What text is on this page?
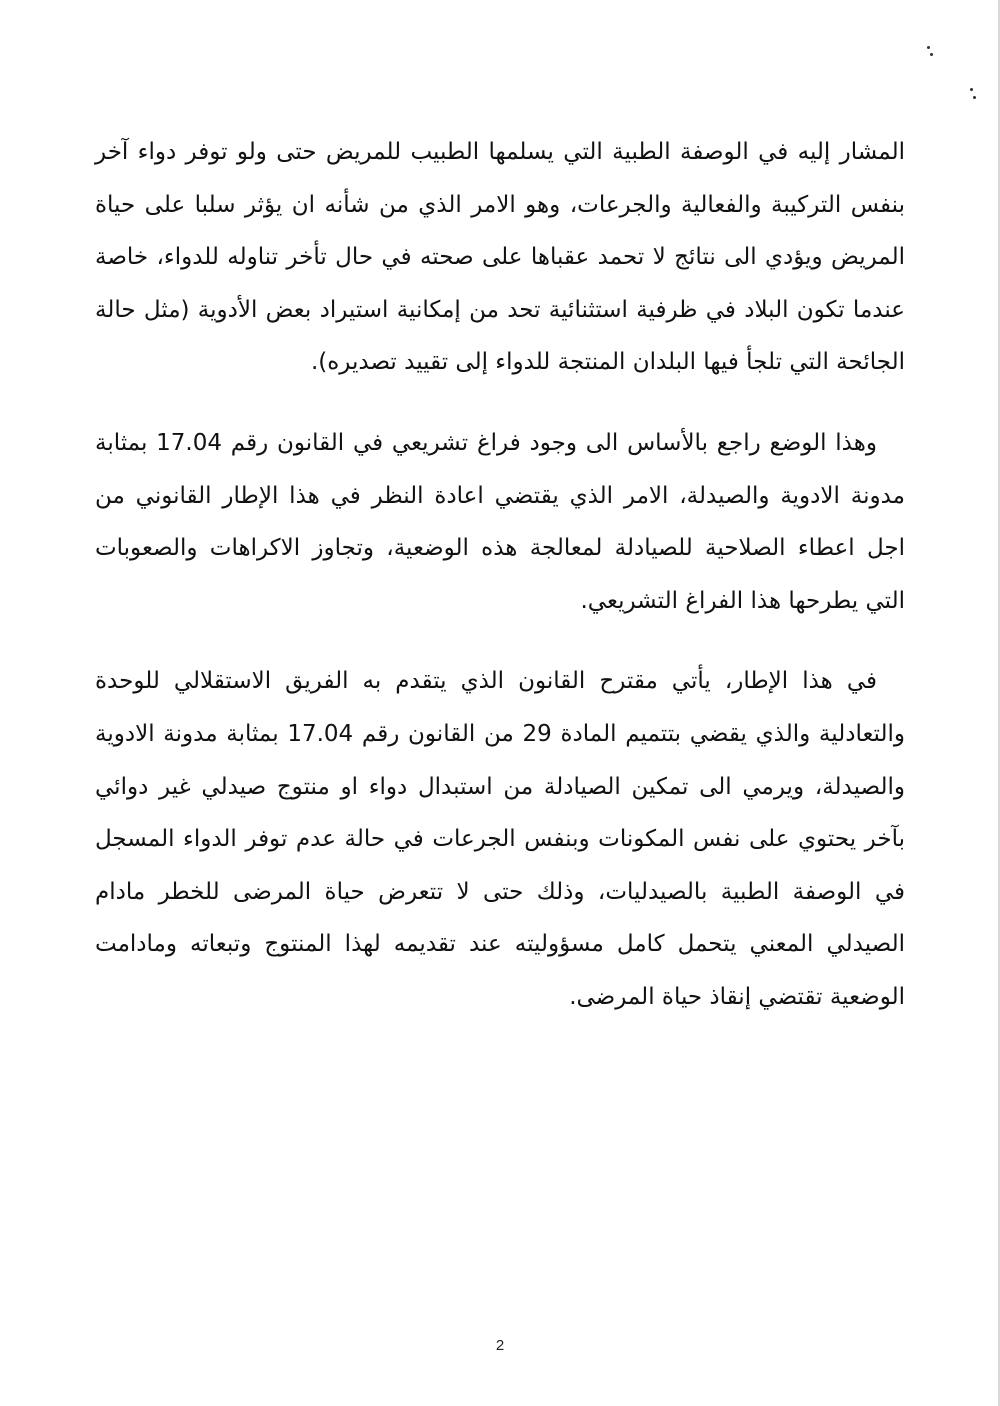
المشار إليه في الوصفة الطبية التي يسلمها الطبيب للمريض حتى ولو توفر دواء آخر بنفس التركيبة والفعالية والجرعات، وهو الامر الذي من شأنه ان يؤثر سلبا على حياة المريض ويؤدي الى نتائج لا تحمد عقباها على صحته في حال تأخر تناوله للدواء، خاصة عندما تكون البلاد في ظرفية استثنائية تحد من إمكانية استيراد بعض الأدوية (مثل حالة الجائحة التي تلجأ فيها البلدان المنتجة للدواء إلى تقييد تصديره).

وهذا الوضع راجع بالأساس الى وجود فراغ تشريعي في القانون رقم 17.04 بمثابة مدونة الادوية والصيدلة، الامر الذي يقتضي اعادة النظر في هذا الإطار القانوني من اجل اعطاء الصلاحية للصيادلة لمعالجة هذه الوضعية، وتجاوز الاكراهات والصعوبات التي يطرحها هذا الفراغ التشريعي.

في هذا الإطار، يأتي مقترح القانون الذي يتقدم به الفريق الاستقلالي للوحدة والتعادلية والذي يقضي بتتميم المادة 29 من القانون رقم 17.04 بمثابة مدونة الادوية والصيدلة، ويرمي الى تمكين الصيادلة من استبدال دواء او منتوج صيدلي غير دوائي بآخر يحتوي على نفس المكونات وبنفس الجرعات في حالة عدم توفر الدواء المسجل في الوصفة الطبية بالصيدليات، وذلك حتى لا تتعرض حياة المرضى للخطر مادام الصيدلي المعني يتحمل كامل مسؤوليته عند تقديمه لهذا المنتوج وتبعاته ومادامت الوضعية تقتضي إنقاذ حياة المرضى.

2
